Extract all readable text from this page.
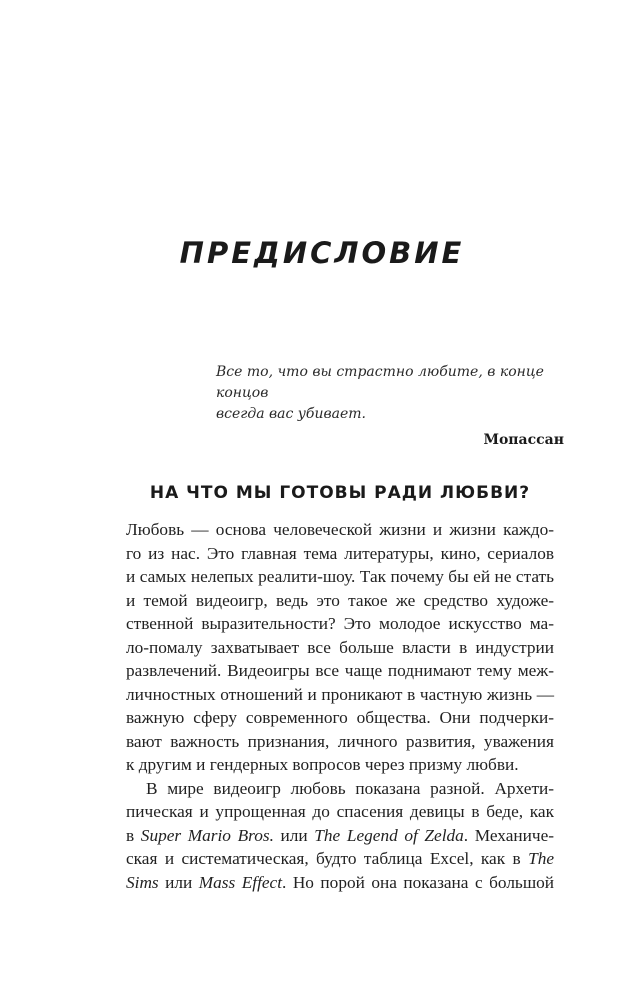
ПРЕДИСЛОВИЕ

Все то, что вы страстно любите, в конце концов
всегда вас убивает.

Мопассан

НА ЧТО МЫ ГОТОВЫ РАДИ ЛЮБВИ?
Любовь — основа человеческой жизни и жизни каждо-
го из нас. Это главная тема литературы, кино, сериалов
и самых нелепых реалити-шоу. Так почему бы ей не стать
и темой видеоигр, ведь это такое же средство художе-
ственной выразительности? Это молодое искусство ма-
ло-помалу захватывает все больше власти в индустрии
развлечений. Видеоигры все чаще поднимают тему меж-
личностных отношений и проникают в частную жизнь —
важную сферу современного общества. Они подчерки-
вают важность признания, личного развития, уважения
к другим и гендерных вопросов через призму любви.
В мире видеоигр любовь показана разной. Архети-
пическая и упрощенная до спасения девицы в беде, как
в Super Mario Bros. или The Legend of Zelda. Механиче-
ская и систематическая, будто таблица Excel, как в The
Sims или Mass Effect. Но порой она показана с большой
